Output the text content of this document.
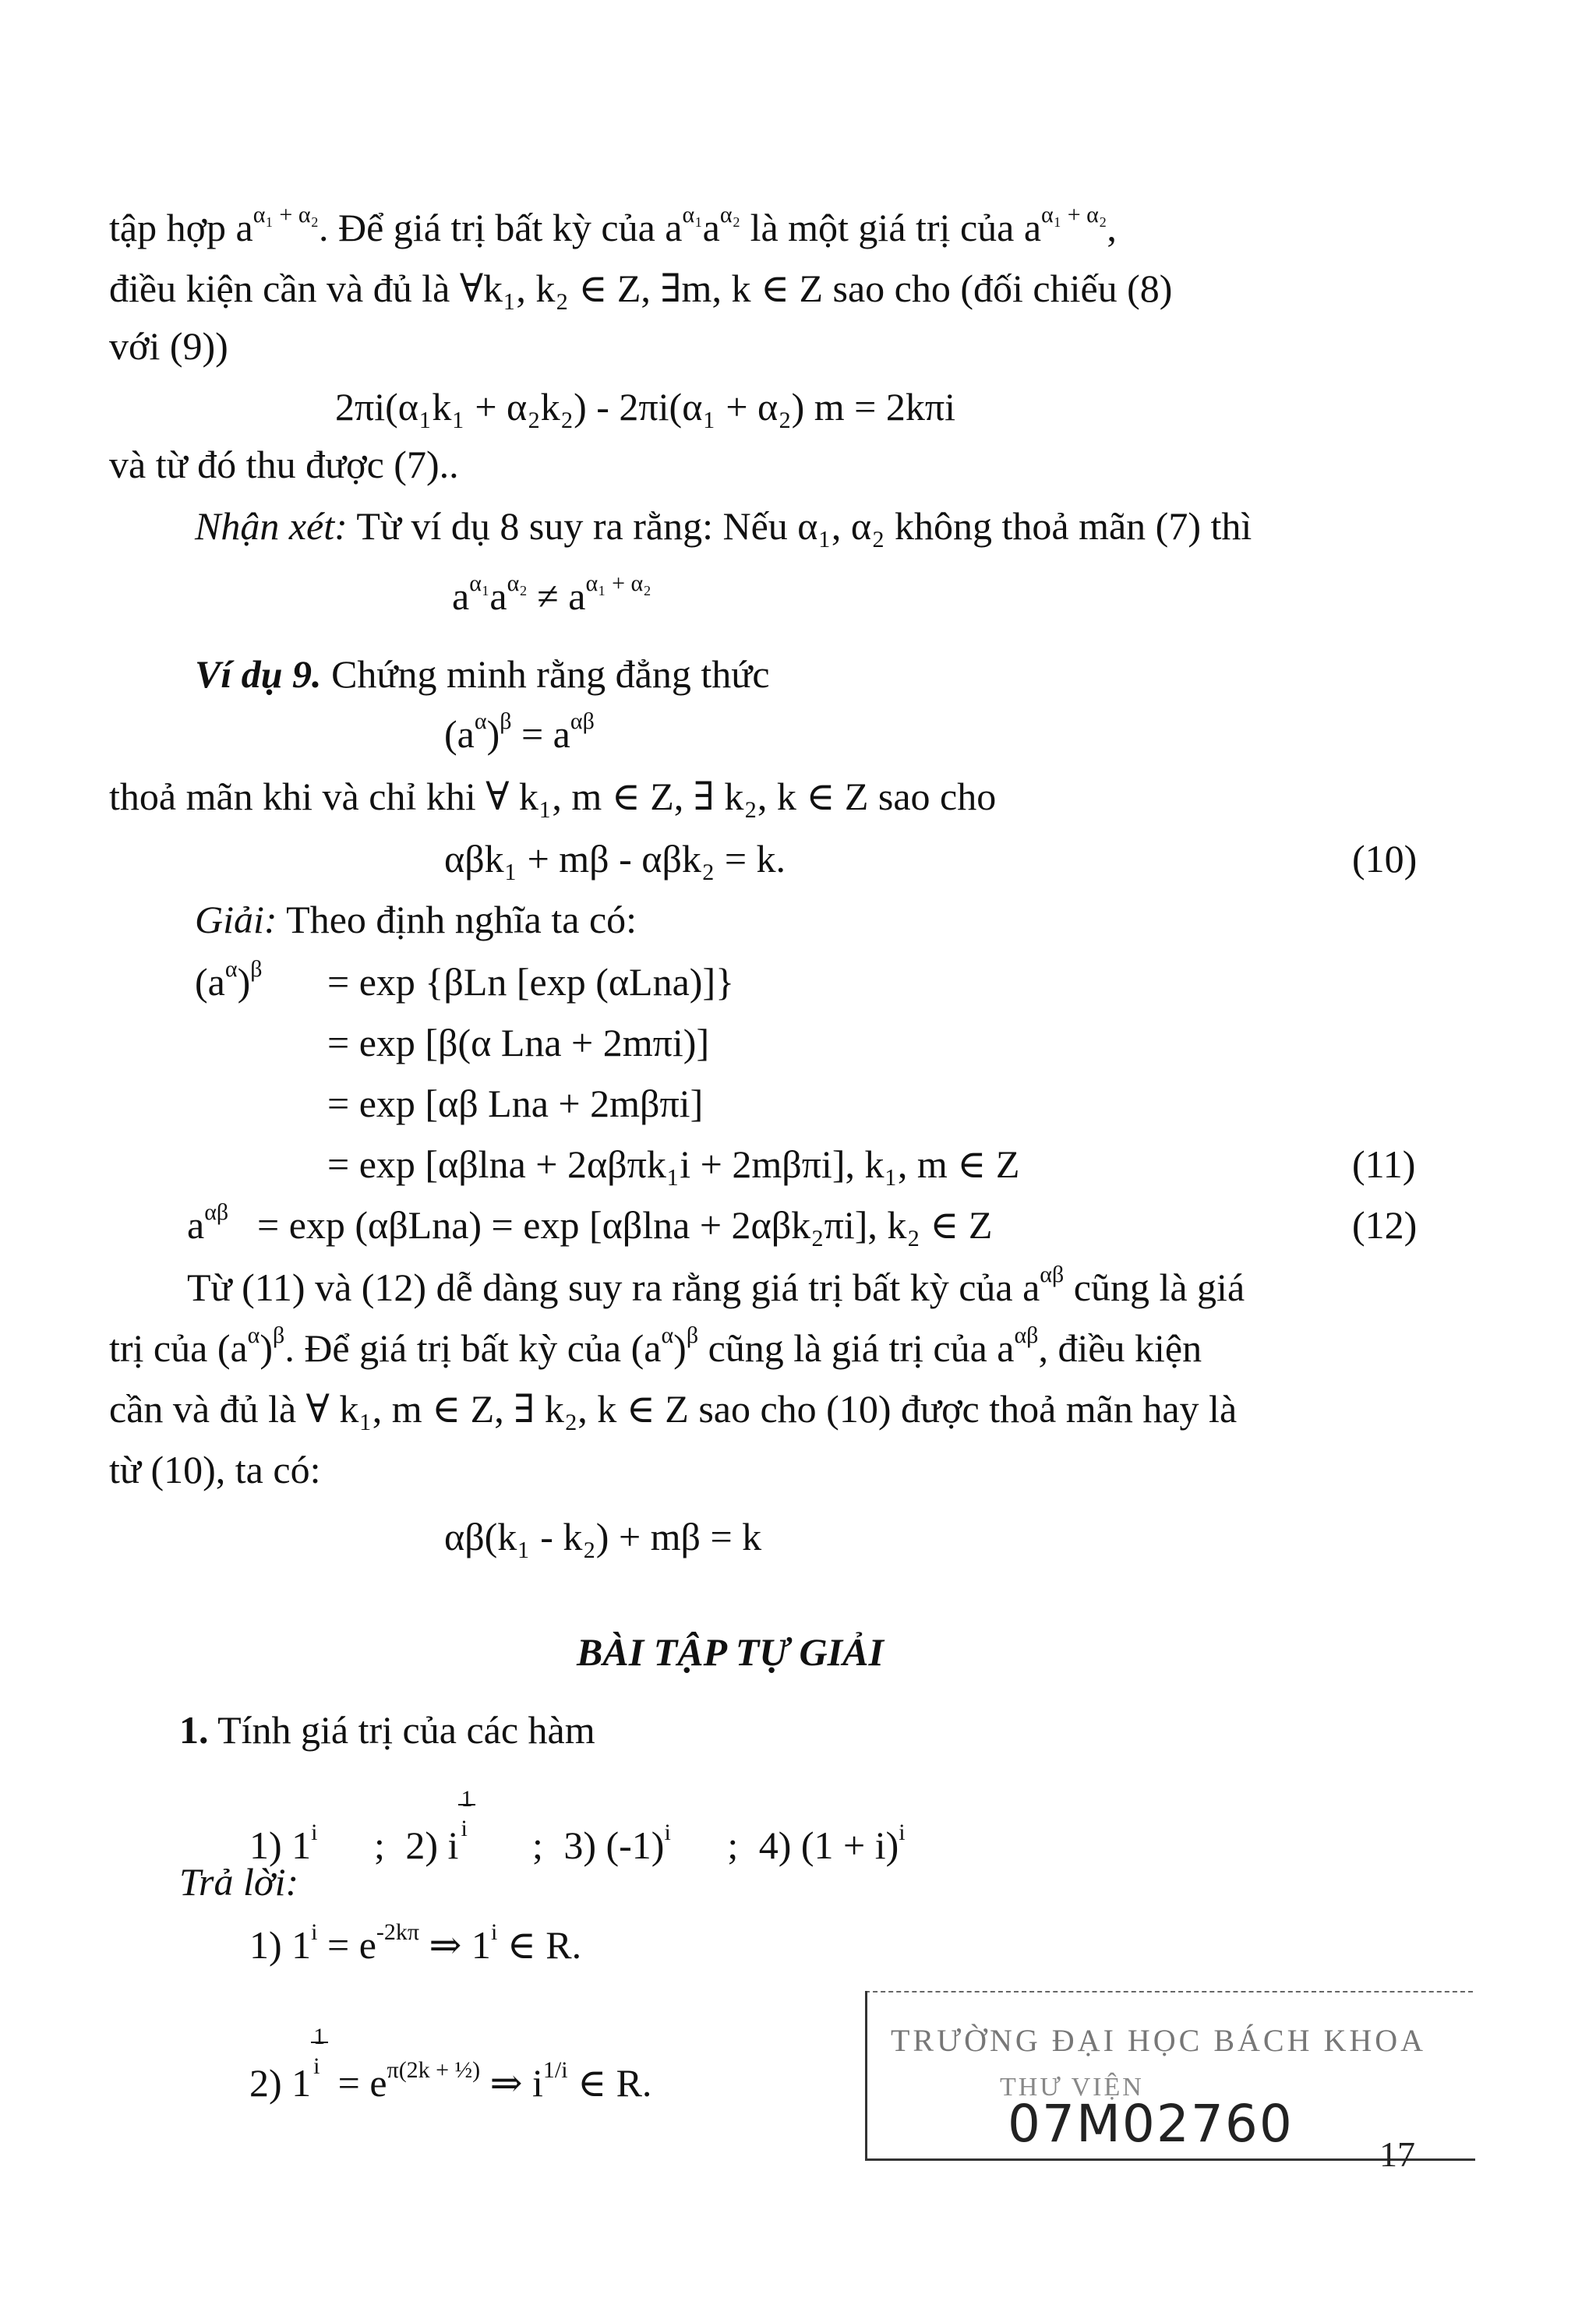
tập hợp $a^{\alpha_1 + \alpha_2}$. Để giá trị bất kỳ của $a^{\alpha_1}a^{\alpha_2}$ là một giá trị của $a^{\alpha_1 + \alpha_2}$,
điều kiện cần và đủ là ∀k₁, k₂ ∈ Z, ∃m, k ∈ Z sao cho (đối chiếu (8)
với (9))
2πi(α₁k₁ + α₂k₂) - 2πi(α₁ + α₂) m = 2kπi
và từ đó thu được (7)..
Nhận xét: Từ ví dụ 8 suy ra rằng: Nếu α₁, α₂ không thoả mãn (7) thì
$a^{\alpha_1}a^{\alpha_2} \ne a^{\alpha_1 + \alpha_2}$
Ví dụ 9. Chứng minh rằng đẳng thức
$(a^\alpha)^\beta = a^{\alpha\beta}$
thoả mãn khi và chỉ khi ∀ k₁, m ∈ Z, ∃ k₂, k ∈ Z sao cho
αβk₁ + mβ - αβk₂ = k.	(10)
Giải: Theo định nghĩa ta có:
$(a^\alpha)^\beta = \exp \{\beta Ln$ [exp (αLna)]}
= exp [β(α Lna + 2mπi)]
= exp [αβ Lna + 2mβπi]
= exp [αβlna + 2αβπk₁i + 2mβπi], k₁, m ∈ Z	(11)
$a^{\alpha\beta} = \exp (\alpha\beta Lna) = \exp [\alpha\beta\ln a + 2\alpha\beta k_2\pi i]$, k₂ ∈ Z	(12)
Từ (11) và (12) dễ dàng suy ra rằng giá trị bất kỳ của $a^{\alpha\beta}$ cũng là giá
trị của $(a^\alpha)^\beta$. Để giá trị bất kỳ của $(a^\alpha)^\beta$ cũng là giá trị của $a^{\alpha\beta}$, điều kiện
cần và đủ là ∀ k₁, m ∈ Z, ∃ k₂, k ∈ Z sao cho (10) được thoả mãn hay là
từ (10), ta có:
αβ(k₁ - k₂) + mβ = k
BÀI TẬP TỰ GIẢI
1. Tính giá trị của các hàm
1) 1$^i$ ; 2) i
1
i ; 3) $(-1)^i$ ; 4) $(1 + i)^i$
Trả lời:
1) $1^i = e^{-2k\pi}$ ⇒ 1$^i$ ∈ R.
2) 1
1
$i = e^{\pi(2k + \frac{1}{2})}$ ⇒ $i^{1/i}$ ∈ R.
TRƯỜNG ĐẠI HỌC BÁCH KHOA
THƯ VIỆN
07M02760
17
